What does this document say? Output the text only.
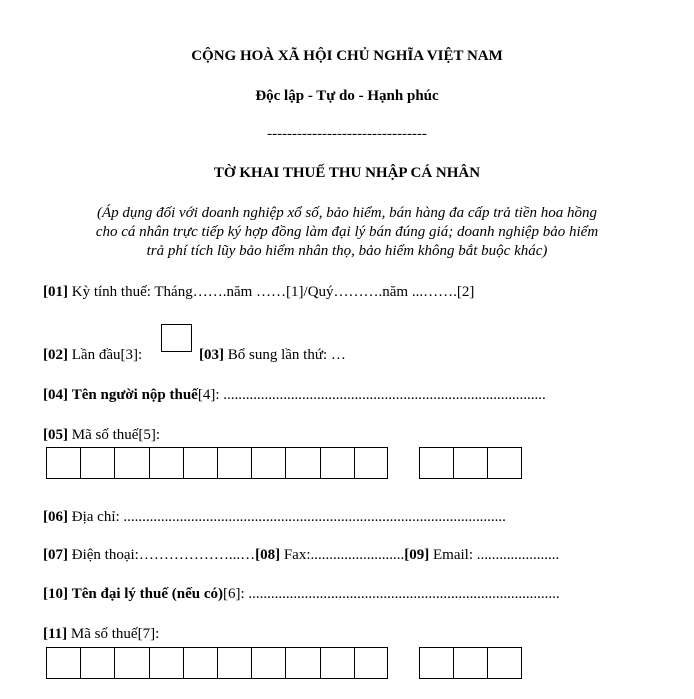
CỘNG HOÀ XÃ HỘI CHỦ NGHĨA VIỆT NAM
Độc lập - Tự do - Hạnh phúc
--------------------------------
TỜ KHAI THUẾ THU NHẬP CÁ NHÂN
(Áp dụng đối với doanh nghiệp xổ số, bảo hiểm, bán hàng đa cấp trả tiền hoa hồng
cho cá nhân trực tiếp ký hợp đồng làm đại lý bán đúng giá; doanh nghiệp bảo hiểm
trả phí tích lũy bảo hiểm nhân thọ, bảo hiểm không bắt buộc khác)
[01] Kỳ tính thuế: Tháng…….năm ……[1]/Quý……….năm ...…….[2]
[02] Lần đầu[3]:	[03] Bổ sung lần thứ: …
[04] Tên người nộp thuế[4]: ......................................................................................
[05] Mã số thuế[5]:
[06] Địa chỉ: ......................................................................................................
[07] Điện thoại:………………...…[08] Fax:.........................[09] Email: ......................
[10] Tên đại lý thuế (nếu có)[6]: ...................................................................................
[11] Mã số thuế[7]:
